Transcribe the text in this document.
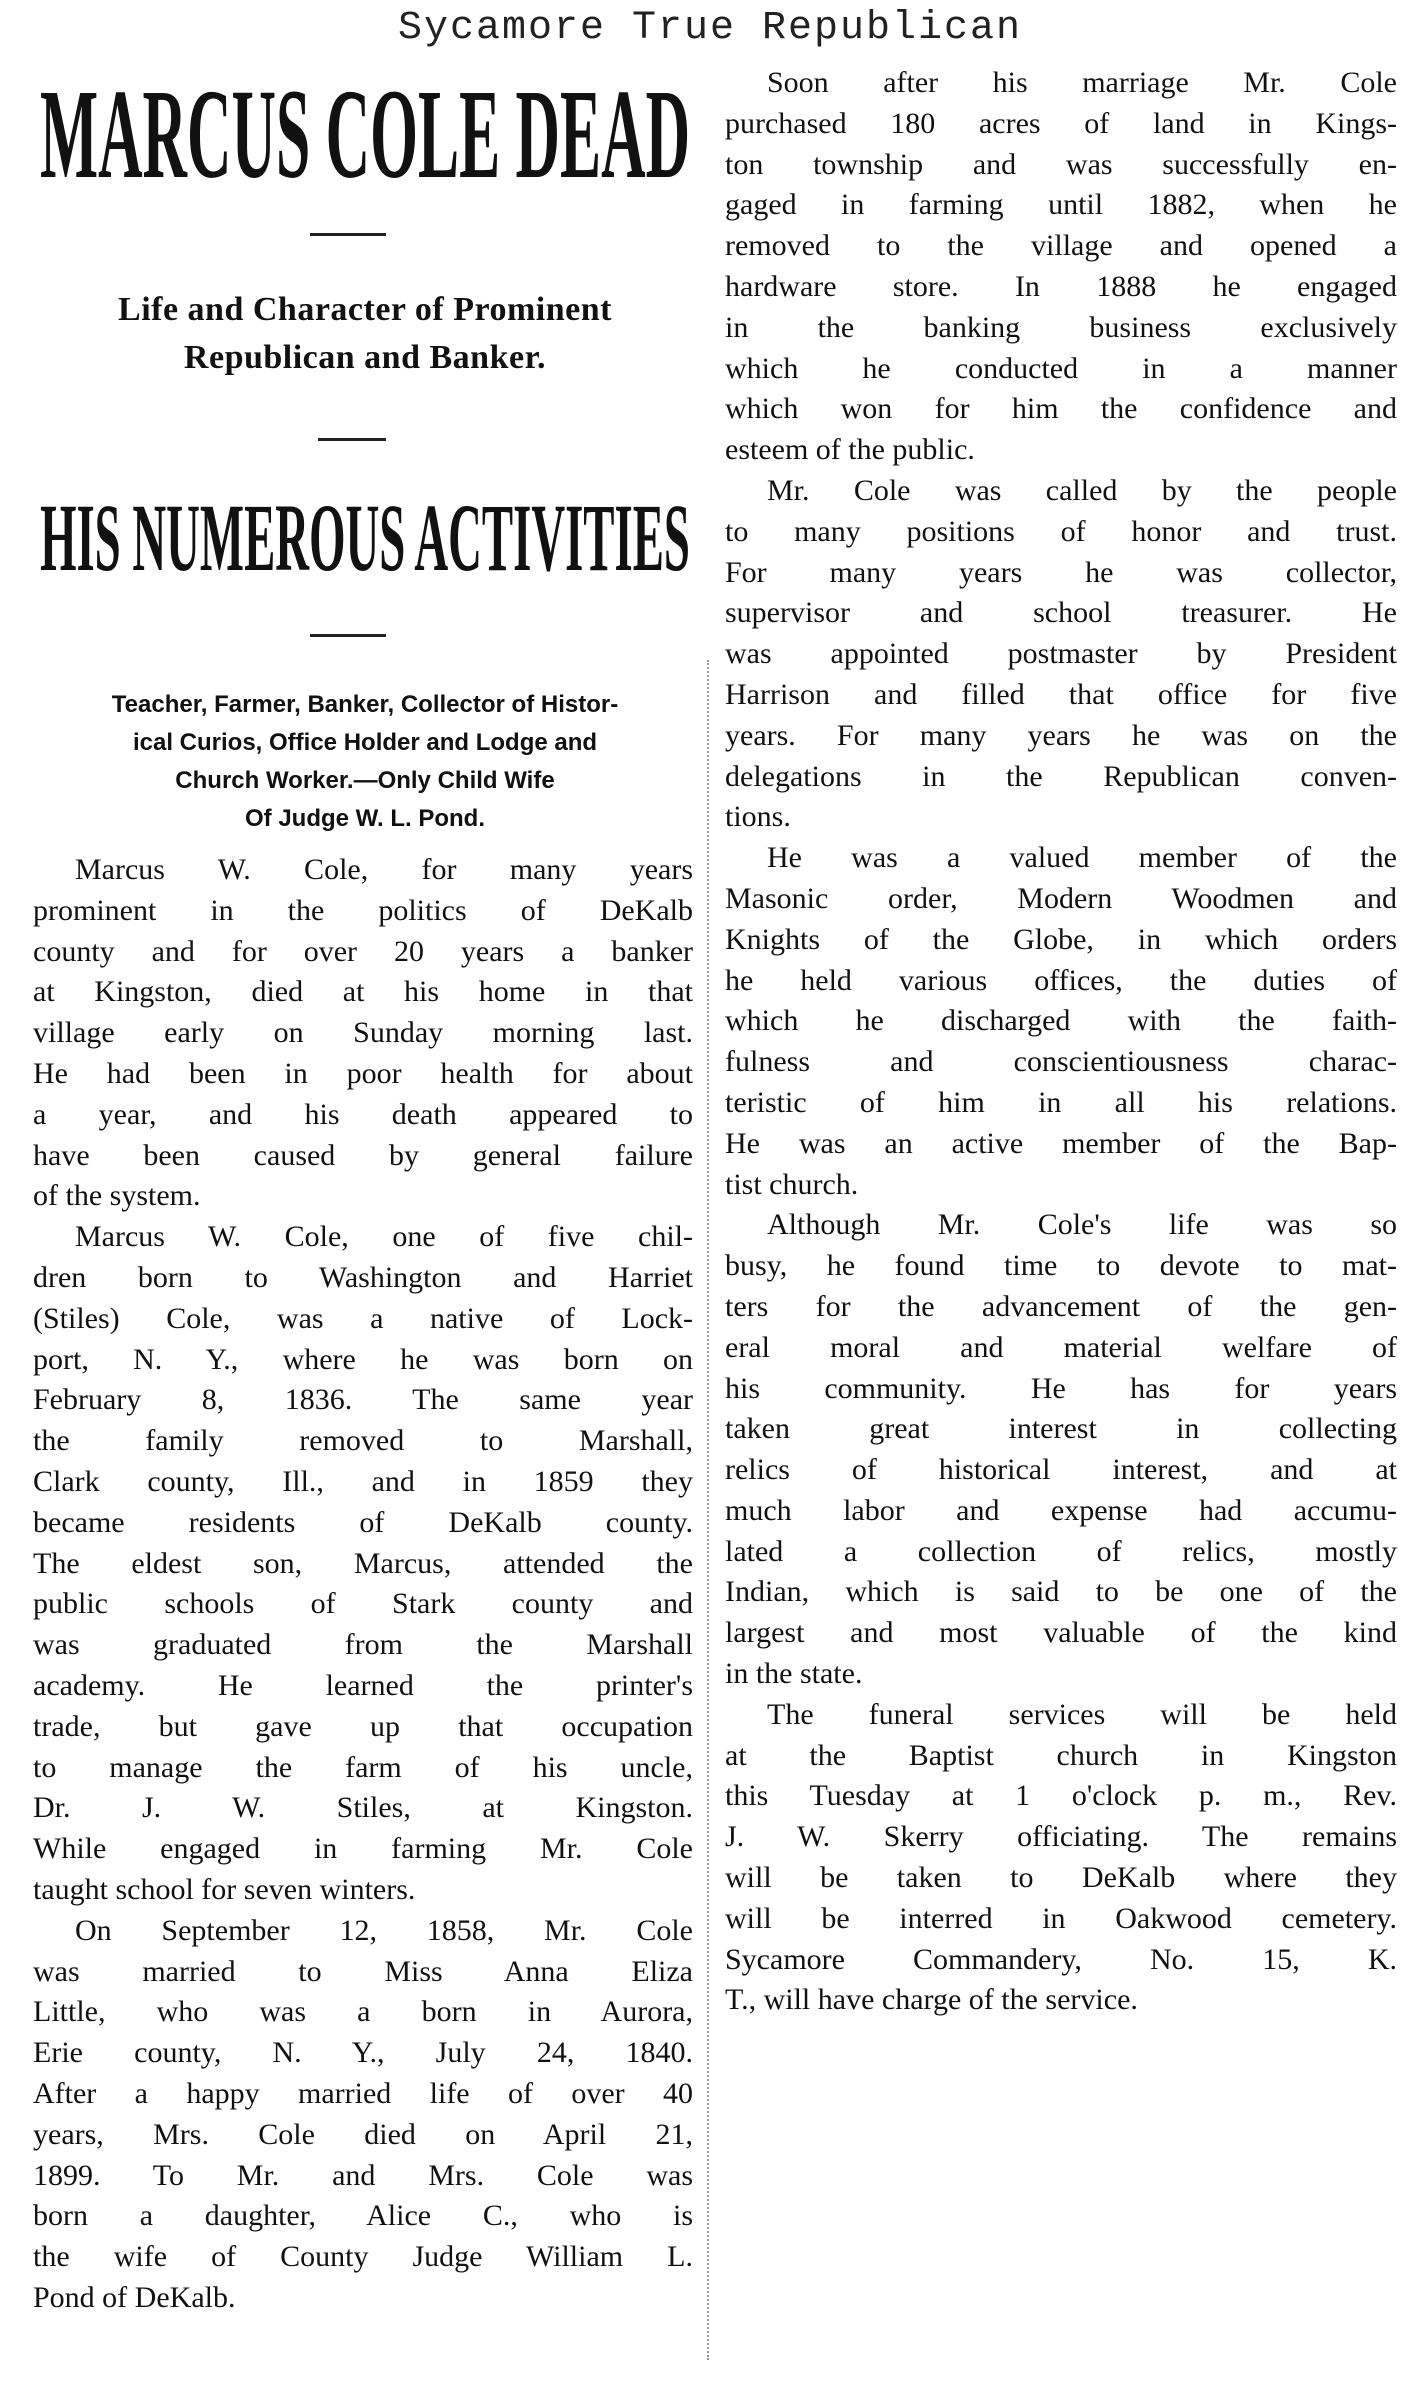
Sycamore True Republican
MARCUS COLE DEAD
Life and Character of Prominent
Republican and Banker.
HIS NUMEROUS ACTIVITIES
Teacher, Farmer, Banker, Collector of Histor-
ical Curios, Office Holder and Lodge and
Church Worker.—Only Child Wife
Of Judge W. L. Pond.
Marcus W. Cole, for many years
prominent in the politics of DeKalb
county and for over 20 years a banker
at Kingston, died at his home in that
village early on Sunday morning last.
He had been in poor health for about
a year, and his death appeared to
have been caused by general failure
of the system.
Marcus W. Cole, one of five chil-
dren born to Washington and Harriet
(Stiles) Cole, was a native of Lock-
port, N. Y., where he was born on
February 8, 1836. The same year
the family removed to Marshall,
Clark county, Ill., and in 1859 they
became residents of DeKalb county.
The eldest son, Marcus, attended the
public schools of Stark county and
was graduated from the Marshall
academy. He learned the printer's
trade, but gave up that occupation
to manage the farm of his uncle,
Dr. J. W. Stiles, at Kingston.
While engaged in farming Mr. Cole
taught school for seven winters.
On September 12, 1858, Mr. Cole
was married to Miss Anna Eliza
Little, who was a born in Aurora,
Erie county, N. Y., July 24, 1840.
After a happy married life of over 40
years, Mrs. Cole died on April 21,
1899. To Mr. and Mrs. Cole was
born a daughter, Alice C., who is
the wife of County Judge William L.
Pond of DeKalb.
Soon after his marriage Mr. Cole
purchased 180 acres of land in Kings-
ton township and was successfully en-
gaged in farming until 1882, when he
removed to the village and opened a
hardware store. In 1888 he engaged
in the banking business exclusively
which he conducted in a manner
which won for him the confidence and
esteem of the public.
Mr. Cole was called by the people
to many positions of honor and trust.
For many years he was collector,
supervisor and school treasurer. He
was appointed postmaster by President
Harrison and filled that office for five
years. For many years he was on the
delegations in the Republican conven-
tions.
He was a valued member of the
Masonic order, Modern Woodmen and
Knights of the Globe, in which orders
he held various offices, the duties of
which he discharged with the faith-
fulness and conscientiousness charac-
teristic of him in all his relations.
He was an active member of the Bap-
tist church.
Although Mr. Cole's life was so
busy, he found time to devote to mat-
ters for the advancement of the gen-
eral moral and material welfare of
his community. He has for years
taken great interest in collecting
relics of historical interest, and at
much labor and expense had accumu-
lated a collection of relics, mostly
Indian, which is said to be one of the
largest and most valuable of the kind
in the state.
The funeral services will be held
at the Baptist church in Kingston
this Tuesday at 1 o'clock p. m., Rev.
J. W. Skerry officiating. The remains
will be taken to DeKalb where they
will be interred in Oakwood cemetery.
Sycamore Commandery, No. 15, K.
T., will have charge of the service.
